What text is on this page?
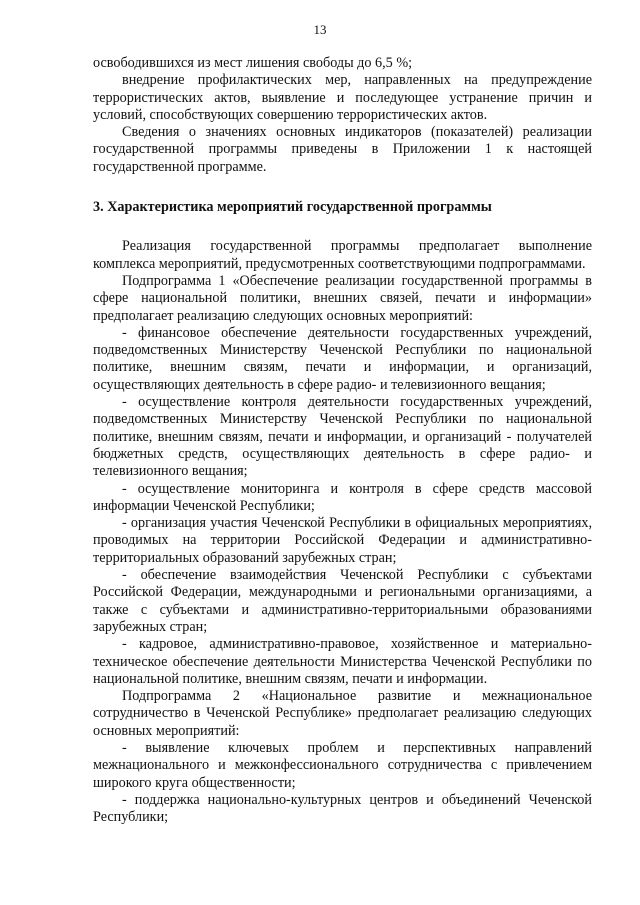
13

освободившихся из мест лишения свободы до 6,5 %;

внедрение профилактических мер, направленных на предупреждение террористических актов, выявление и последующее устранение причин и условий, способствующих совершению террористических актов.

Сведения о значениях основных индикаторов (показателей) реализации государственной программы приведены в Приложении 1 к настоящей государственной программе.

3. Характеристика мероприятий государственной программы

Реализация государственной программы предполагает выполнение комплекса мероприятий, предусмотренных соответствующими подпрограммами.

Подпрограмма 1 «Обеспечение реализации государственной программы в сфере национальной политики, внешних связей, печати и информации» предполагает реализацию следующих основных мероприятий:

- финансовое обеспечение деятельности государственных учреждений, подведомственных Министерству Чеченской Республики по национальной политике, внешним связям, печати и информации, и организаций, осуществляющих деятельность в сфере радио- и телевизионного вещания;

- осуществление контроля деятельности государственных учреждений, подведомственных Министерству Чеченской Республики по национальной политике, внешним связям, печати и информации, и организаций - получателей бюджетных средств, осуществляющих деятельность в сфере радио- и телевизионного вещания;

- осуществление мониторинга и контроля в сфере средств массовой информации Чеченской Республики;

- организация участия Чеченской Республики в официальных мероприятиях, проводимых на территории Российской Федерации и административно-территориальных образований зарубежных стран;

- обеспечение взаимодействия Чеченской Республики с субъектами Российской Федерации, международными и региональными организациями, а также с субъектами и административно-территориальными образованиями зарубежных стран;

- кадровое, административно-правовое, хозяйственное и материально-техническое обеспечение деятельности Министерства Чеченской Республики по национальной политике, внешним связям, печати и информации.

Подпрограмма 2 «Национальное развитие и межнациональное сотрудничество в Чеченской Республике» предполагает реализацию следующих основных мероприятий:

- выявление ключевых проблем и перспективных направлений межнационального и межконфессионального сотрудничества с привлечением широкого круга общественности;

- поддержка национально-культурных центров и объединений Чеченской Республики;
